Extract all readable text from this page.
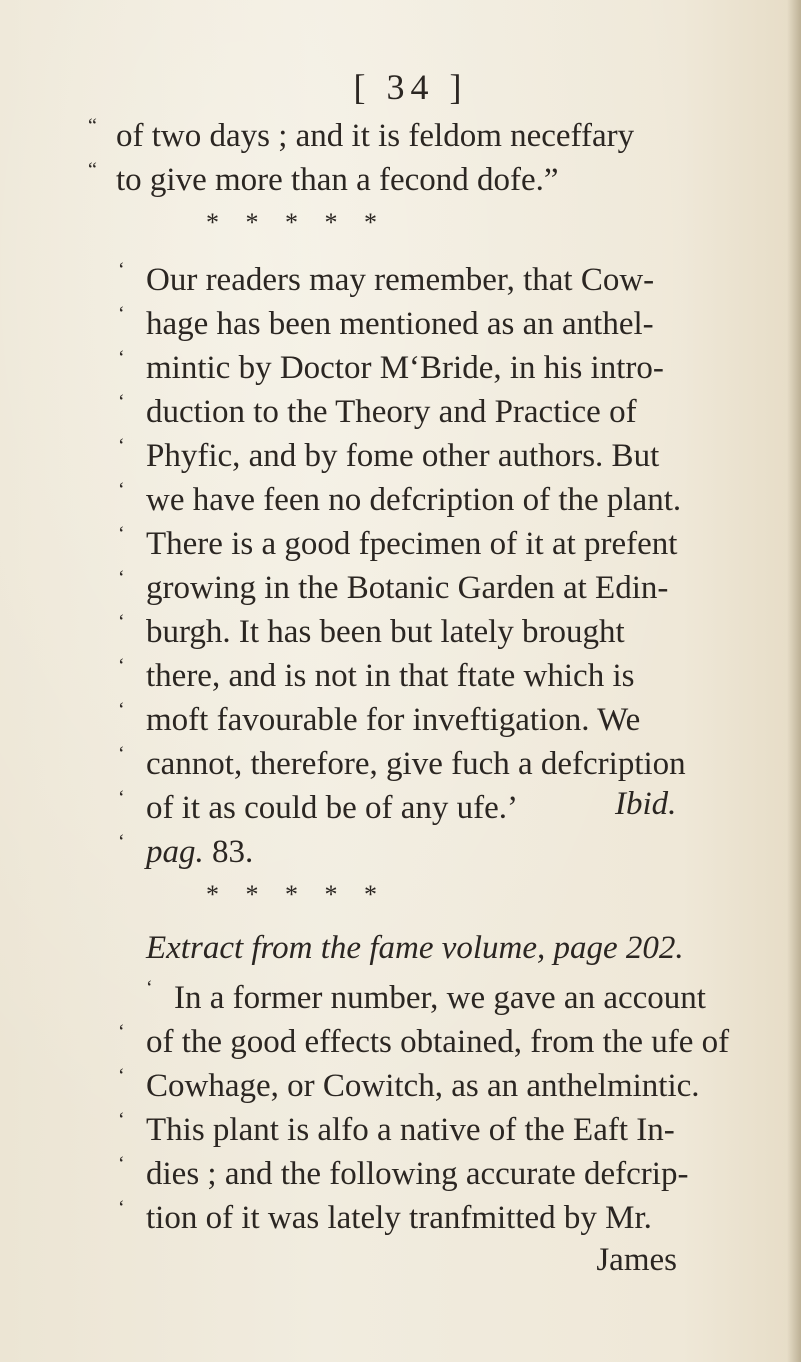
[ 34 ]
“ of two days ; and it is feldom neceffary
“ to give more than a fecond dofe.”
* * * * *
‘ Our readers may remember, that Cow-
‘ hage has been mentioned as an anthel-
‘ mintic by Doctor M‘Bride, in his intro-
‘ duction to the Theory and Practice of
‘ Phyfic, and by fome other authors. But
‘ we have feen no defcription of the plant.
‘ There is a good fpecimen of it at prefent
‘ growing in the Botanic Garden at Edin-
‘ burgh. It has been but lately brought
‘ there, and is not in that ftate which is
‘ moft favourable for inveftigation. We
‘ cannot, therefore, give fuch a defcription
‘ of it as could be of any ufe.’	Ibid.
‘ pag. 83.
* * * * *
Extract from the fame volume, page 202.
‘ In a former number, we gave an account
‘ of the good effects obtained, from the ufe of
‘ Cowhage, or Cowitch, as an anthelmintic.
‘ This plant is alfo a native of the Eaft In-
‘ dies ; and the following accurate defcrip-
‘ tion of it was lately tranfmitted by Mr.
James
